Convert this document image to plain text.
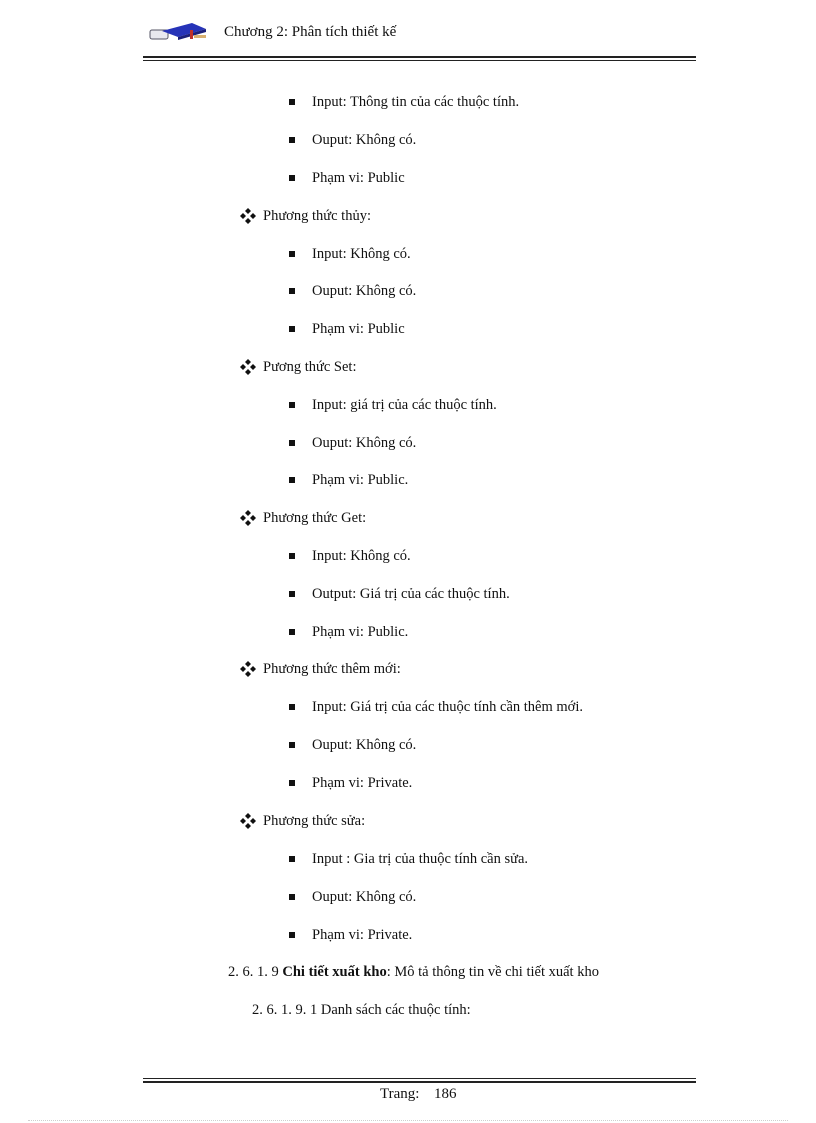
Chương 2: Phân tích thiết kế
Input: Thông tin của các thuộc tính.
Ouput: Không có.
Phạm vi: Public
Phương thức thủy:
Input: Không có.
Ouput: Không có.
Phạm vi: Public
Pương thức Set:
Input: giá trị của các thuộc tính.
Ouput: Không có.
Phạm vi: Public.
Phương thức Get:
Input: Không có.
Output: Giá trị của các thuộc tính.
Phạm vi: Public.
Phương thức thêm mới:
Input: Giá trị của các thuộc tính cần thêm mới.
Ouput: Không có.
Phạm vi: Private.
Phương thức sửa:
Input : Gia trị của thuộc tính cần sửa.
Ouput: Không có.
Phạm vi: Private.
2. 6. 1. 9 Chi tiết xuất kho: Mô tả thông tin về chi tiết xuất kho
2. 6. 1. 9. 1 Danh sách các thuộc tính:
Trang: 186
